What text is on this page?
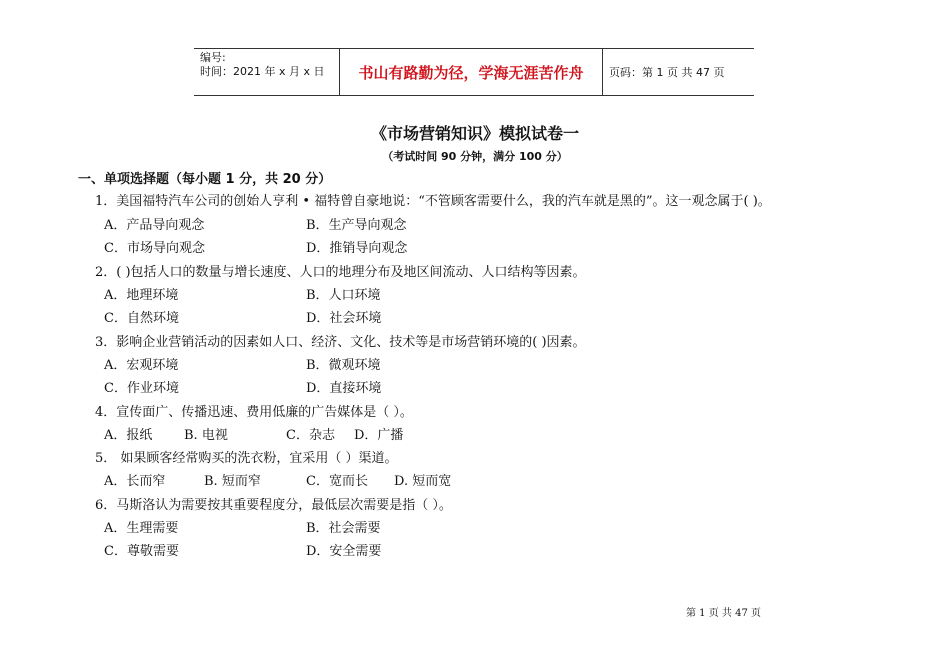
编号:
时间：2021 年 x 月 x 日	书山有路勤为径，学海无涯苦作舟	页码：第 1 页 共 47 页
《市场营销知识》模拟试卷一
（考试时间 90 分钟，满分 100 分）
一、单项选择题（每小题 1 分，共 20 分）
1．美国福特汽车公司的创始人亨利 • 福特曾自豪地说：“不管顾客需要什么，我的汽车就是黑的”。这一观念属于( )。
A．产品导向观念	B．生产导向观念
C．市场导向观念	D．推销导向观念
2．( )包括人口的数量与增长速度、人口的地理分布及地区间流动、人口结构等因素。
A．地理环境	B．人口环境
C．自然环境	D．社会环境
3．影响企业营销活动的因素如人口、经济、文化、技术等是市场营销环境的( )因素。
A．宏观环境	B．微观环境
C．作业环境	D．直接环境
4．宣传面广、传播迅速、费用低廉的广告媒体是（ ）。
A．报纸 B. 电视	C．杂志 D．广播
5． 如果顾客经常购买的洗衣粉，宜采用（ ）渠道。
A．长而窄	B. 短而窄	C．宽而长 D. 短而宽
6．马斯洛认为需要按其重要程度分，最低层次需要是指（ ）。
A．生理需要	B．社会需要
C．尊敬需要	D．安全需要
第 1 页 共 47 页
